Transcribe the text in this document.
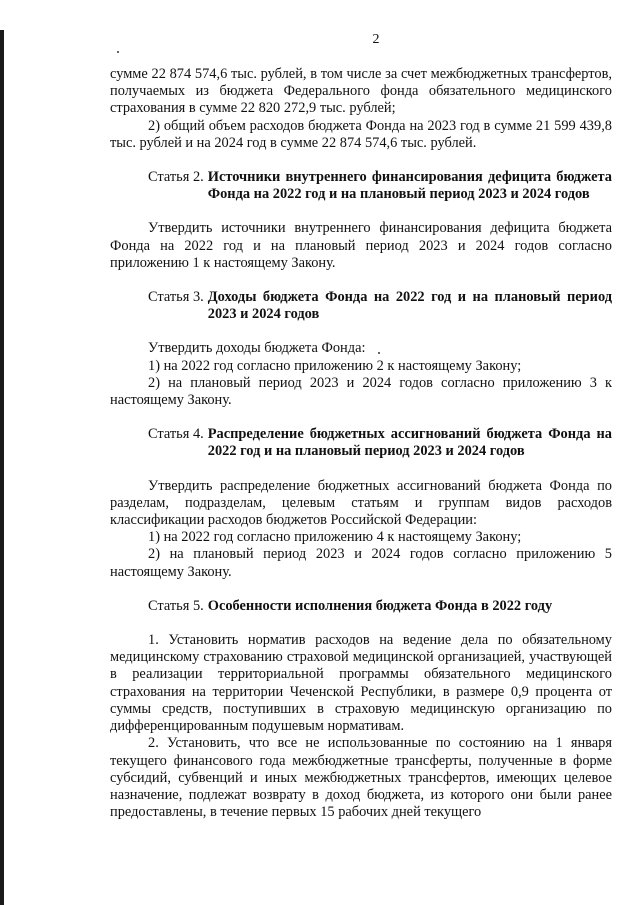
2

сумме 22 874 574,6 тыс. рублей, в том числе за счет межбюджетных трансфертов, получаемых из бюджета Федерального фонда обязательного медицинского страхования в сумме 22 820 272,9 тыс. рублей;

2) общий объем расходов бюджета Фонда на 2023 год в сумме 21 599 439,8 тыс. рублей и на 2024 год в сумме 22 874 574,6 тыс. рублей.

Статья 2. Источники внутреннего финансирования дефицита бюджета Фонда на 2022 год и на плановый период 2023 и 2024 годов

Утвердить источники внутреннего финансирования дефицита бюджета Фонда на 2022 год и на плановый период 2023 и 2024 годов согласно приложению 1 к настоящему Закону.

Статья 3. Доходы бюджета Фонда на 2022 год и на плановый период 2023 и 2024 годов

Утвердить доходы бюджета Фонда:

1) на 2022 год согласно приложению 2 к настоящему Закону;

2) на плановый период 2023 и 2024 годов согласно приложению 3 к настоящему Закону.

Статья 4. Распределение бюджетных ассигнований бюджета Фонда на 2022 год и на плановый период 2023 и 2024 годов

Утвердить распределение бюджетных ассигнований бюджета Фонда по разделам, подразделам, целевым статьям и группам видов расходов классификации расходов бюджетов Российской Федерации:

1) на 2022 год согласно приложению 4 к настоящему Закону;

2) на плановый период 2023 и 2024 годов согласно приложению 5 настоящему Закону.

Статья 5. Особенности исполнения бюджета Фонда в 2022 году

1. Установить норматив расходов на ведение дела по обязательному медицинскому страхованию страховой медицинской организацией, участвующей в реализации территориальной программы обязательного медицинского страхования на территории Чеченской Республики, в размере 0,9 процента от суммы средств, поступивших в страховую медицинскую организацию по дифференцированным подушевым нормативам.

2. Установить, что все не использованные по состоянию на 1 января текущего финансового года межбюджетные трансферты, полученные в форме субсидий, субвенций и иных межбюджетных трансфертов, имеющих целевое назначение, подлежат возврату в доход бюджета, из которого они были ранее предоставлены, в течение первых 15 рабочих дней текущего
